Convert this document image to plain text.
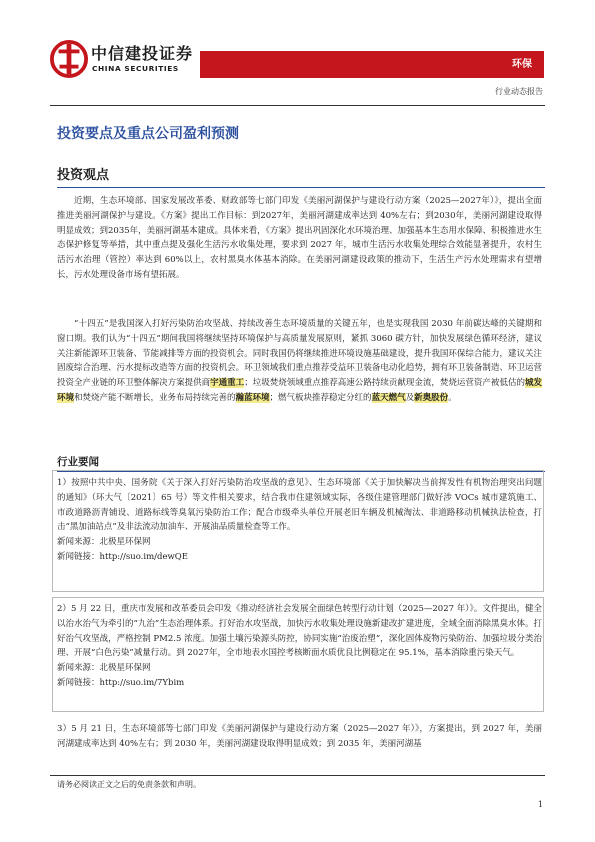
中信建投证券
CHINA SECURITIES	环保
行业动态报告
投资要点及重点公司盈利预测
投资观点

近期，生态环境部、国家发展改革委、财政部等七部门印发《美丽河湖保护与建设行动方案（2025—2027年）》，提出全面推进美丽河湖保护与建设。《方案》提出工作目标：到2027年，美丽河湖建成率达到 40%左右；到2030年，美丽河湖建设取得明显成效；到2035年，美丽河湖基本建成。具体来看，《方案》提出巩固深化水环境治理、加强基本生态用水保障、积极推进水生态保护修复等举措，其中重点提及强化生活污水收集处理，要求到 2027 年，城市生活污水收集处理综合效能显著提升，农村生活污水治理（管控）率达到 60%以上，农村黑臭水体基本消除。在美丽河湖建设政策的推动下，生活生产污水处理需求有望增长，污水处理设备市场有望拓展。

“十四五”是我国深入打好污染防治攻坚战、持续改善生态环境质量的关键五年，也是实现我国 2030 年前碳达峰的关键期和窗口期。我们认为“十四五”期间我国将继续坚持环境保护与高质量发展原则，紧抓 3060 碳方针，加快发展绿色循环经济，建议关注新能源环卫装备、节能减排等方面的投资机会。同时我国仍将继续推进环境设施基础建设，提升我国环保综合能力，建议关注固废综合治理、污水提标改造等方面的投资机会。环卫领域我们重点推荐受益环卫装备电动化趋势，拥有环卫装备制造、环卫运营投资全产业链的环卫整体解决方案提供商宇通重工；垃圾焚烧领域重点推荐高速公路持续贡献现金流，焚烧运营资产被低估的城发环境和焚烧产能不断增长，业务布局持续完善的瀚蓝环境；燃气板块推荐稳定分红的蓝天燃气及新奥股份。

行业要闻
1）按照中共中央、国务院《关于深入打好污染防治攻坚战的意见》、生态环境部《关于加快解决当前挥发性有机物治理突出问题的通知》（环大气〔2021〕65 号）等文件相关要求，结合我市住建领域实际，各级住建管理部门做好涉 VOCs 城市建筑施工、市政道路沥青铺设、道路标线等臭氧污染防治工作；配合市级牵头单位开展老旧车辆及机械淘汰、非道路移动机械执法检查，打击“黑加油站点”及非法流动加油车、开展油品质量检查等工作。
新闻来源：北极星环保网
新闻链接：http://suo.im/dewQE
2）5 月 22 日，重庆市发展和改革委员会印发《推动经济社会发展全面绿色转型行动计划（2025—2027 年）》。文件提出，健全以治水治气为牵引的“九治”生态治理体系。打好治水攻坚战，加快污水收集处理设施新建改扩建进度，全域全面消除黑臭水体。打好治气攻坚战，严格控制 PM2.5 浓度。加强土壤污染源头防控，协同实施“治废治塑”，深化固体废物污染防治、加强垃圾分类治理、开展“白色污染”减量行动。到 2027年，全市地表水国控考核断面水质优良比例稳定在 95.1%，基本消除重污染天气。
新闻来源：北极星环保网
新闻链接：http://suo.im/7Ybim
3）5 月 21 日，生态环境部等七部门印发《美丽河湖保护与建设行动方案（2025—2027 年）》，方案提出，到 2027 年，美丽河湖建成率达到 40%左右；到 2030 年，美丽河湖建设取得明显成效；到 2035 年，美丽河湖基
请务必阅读正文之后的免责条款和声明。
1
